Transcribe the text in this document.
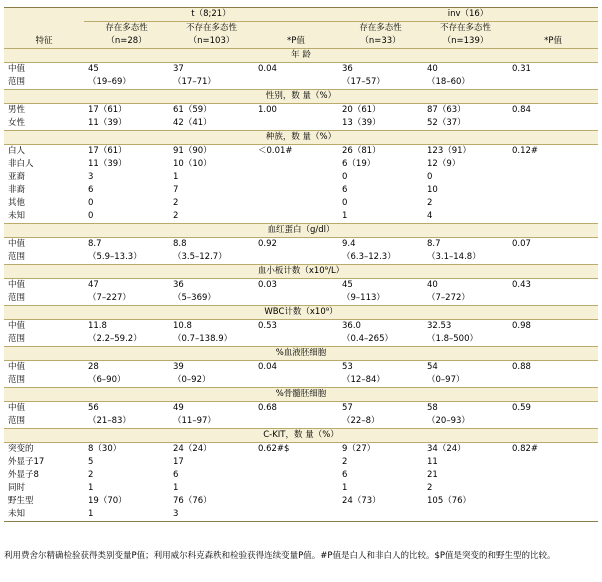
	t（8;21）			inv（16）		
	存在多态性	不存在多态性		存在多态性	不存在多态性	
特征	（n=28）	（n=103）	*P值	（n=33）	（n=139）	*P值
年 龄						
中值	45	37	0.04	36	40	0.31
范围	（19–69）	（17–71）		（17–57）	（18–60）	
性别，数 量（%）						
男性	17（61）	61（59）	1.00	20（61）	87（63）	0.84
女性	11（39）	42（41）		13（39）	52（37）	
种族，数 量（%）						
白人	17（61）	91（90）	＜0.01#	26（81）	123（91）	0.12#
非白人	11（39）	10（10）		6（19）	12（9）	
亚裔	3	1		0	0	
非裔	6	7		6	10	
其他	0	2		0	2	
未知	0	2		1	4	
血红蛋白（g/dl）						
中值	8.7	8.8	0.92	9.4	8.7	0.07
范围	（5.9–13.3）	（3.5–12.7）		（6.3–12.3）	（3.1–14.8）	
血小板计数（x10⁹/L）						
中值	47	36	0.03	45	40	0.43
范围	（7–227）	（5–369）		（9–113）	（7–272）	
WBC计数（x10⁹）						
中值	11.8	10.8	0.53	36.0	32.53	0.98
范围	（2.2–59.2）	（0.7–138.9）		（0.4–265）	（1.8–500）	
%血液胚细胞						
中值	28	39	0.04	53	54	0.88
范围	（6–90）	（0–92）		（12–84）	（0–97）	
%骨髓胚细胞						
中值	56	49	0.68	57	58	0.59
范围	（21–83）	（11–97）		（22–8）	（20–93）	
C-KIT，数 量（%）						
突变的	8（30）	24（24）	0.62#$	9（27）	34（24）	0.82#
外显子17	5	17		2	11	
外显子8	2	6		6	21	
同时	1	1		1	2	
野生型	19（70）	76（76）		24（73）	105（76）	
未知	1	3				
利用费舍尔精确检验获得类别变量P值；利用威尔科克森秩和检验获得连续变量P值。#P值是白人和非白人的比较。$P值是突变的和野生型的比较。
